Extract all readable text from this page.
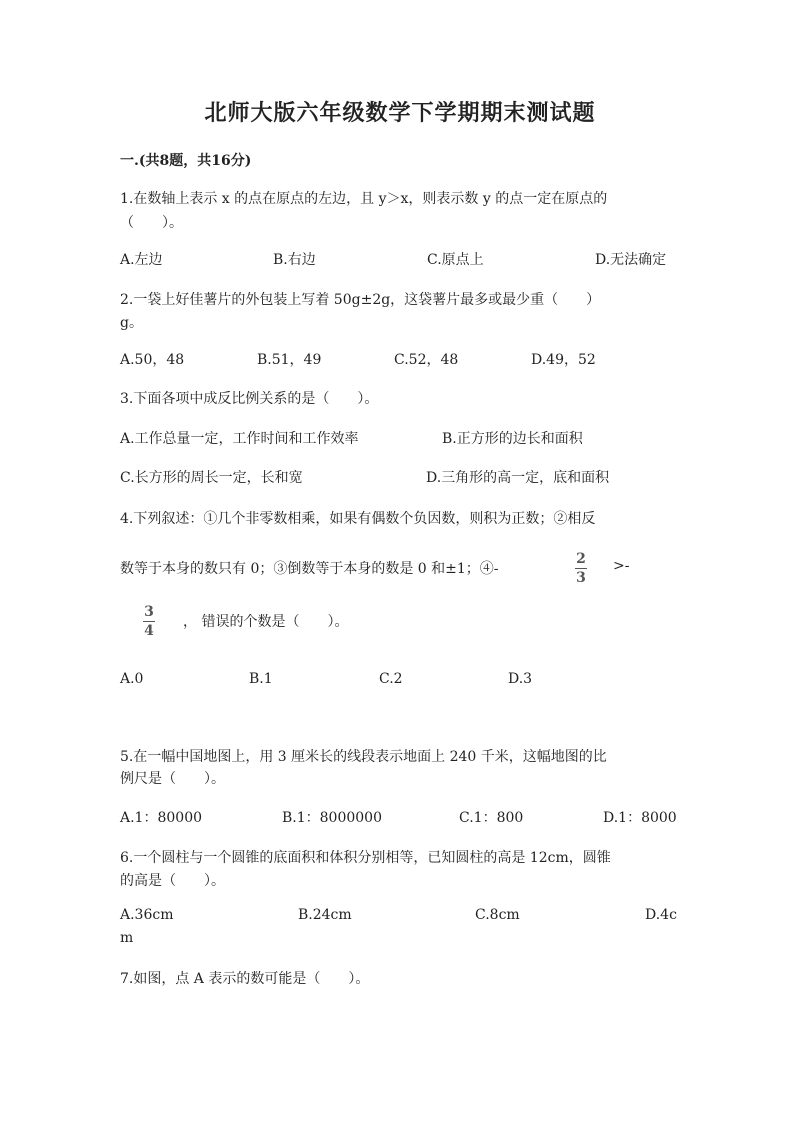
北师大版六年级数学下学期期末测试题
一.(共8题，共16分)
1.在数轴上表示 x 的点在原点的左边，且 y＞x，则表示数 y 的点一定在原点的
（　　）。
A.左边	B.右边	C.原点上	D.无法确定
2.一袋上好佳薯片的外包装上写着 50g±2g，这袋薯片最多或最少重（　　）
g。
A.50，48	B.51，49	C.52，48	D.49，52
3.下面各项中成反比例关系的是（　　）。
A.工作总量一定，工作时间和工作效率	B.正方形的边长和面积
C.长方形的周长一定，长和宽	D.三角形的高一定，底和面积
4.下列叙述：①几个非零数相乘，如果有偶数个负因数，则积为正数；②相反
数等于本身的数只有 0；③倒数等于本身的数是 0 和±1；④-
2
3
>-
3
4
， 错误的个数是（　　）。
A.0	B.1	C.2	D.3
5.在一幅中国地图上，用 3 厘米长的线段表示地面上 240 千米，这幅地图的比
例尺是（　　）。
A.1：80000	B.1：8000000	C.1：800	D.1：8000
6.一个圆柱与一个圆锥的底面积和体积分别相等，已知圆柱的高是 12cm，圆锥
的高是（　　）。
A.36cm	B.24cm	C.8cm	D.4c
m
7.如图，点 A 表示的数可能是（　　）。
